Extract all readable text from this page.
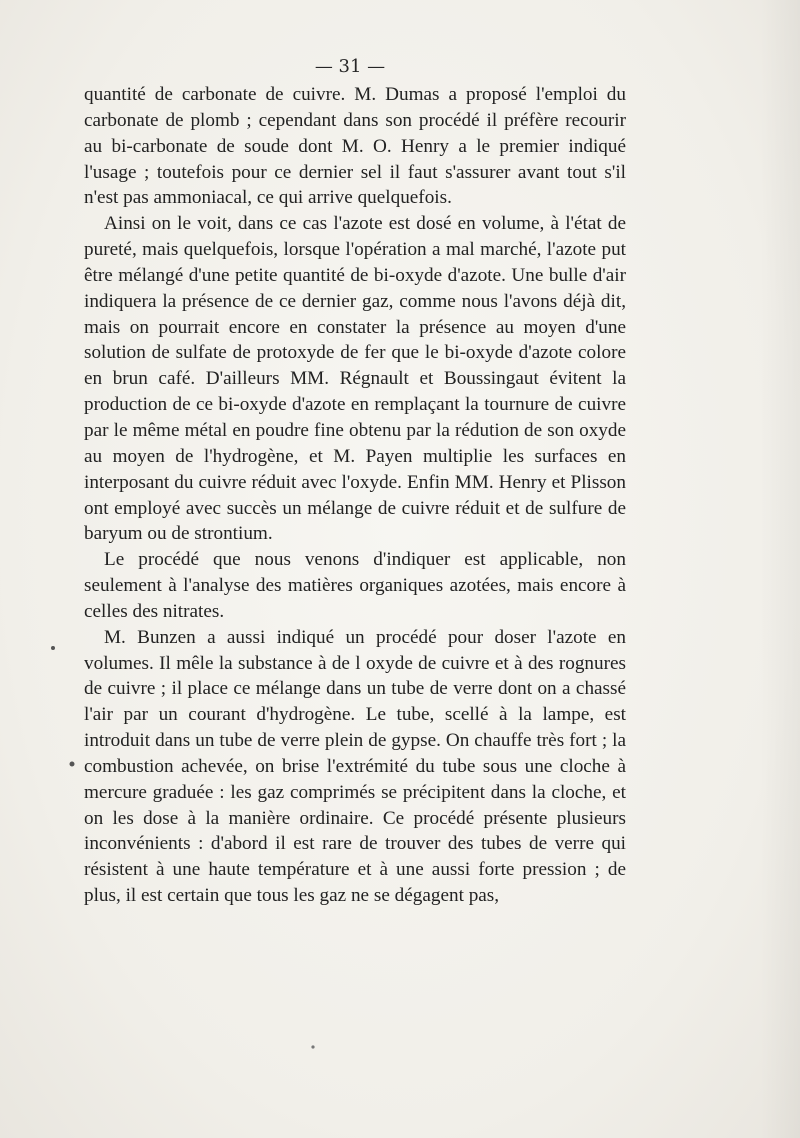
— 31 —

quantité de carbonate de cuivre. M. Dumas a proposé l'emploi du carbonate de plomb ; cependant dans son procédé il préfère recourir au bi-carbonate de soude dont M. O. Henry a le premier indiqué l'usage ; toutefois pour ce dernier sel il faut s'assurer avant tout s'il n'est pas ammoniacal, ce qui arrive quelquefois.

Ainsi on le voit, dans ce cas l'azote est dosé en volume, à l'état de pureté, mais quelquefois, lorsque l'opération a mal marché, l'azote put être mélangé d'une petite quantité de bi-oxyde d'azote. Une bulle d'air indiquera la présence de ce dernier gaz, comme nous l'avons déjà dit, mais on pourrait encore en constater la présence au moyen d'une solution de sulfate de protoxyde de fer que le bi-oxyde d'azote colore en brun café. D'ailleurs MM. Régnault et Boussingaut évitent la production de ce bi-oxyde d'azote en remplaçant la tournure de cuivre par le même métal en poudre fine obtenu par la rédution de son oxyde au moyen de l'hydrogène, et M. Payen multiplie les surfaces en interposant du cuivre réduit avec l'oxyde. Enfin MM. Henry et Plisson ont employé avec succès un mélange de cuivre réduit et de sulfure de baryum ou de strontium.

Le procédé que nous venons d'indiquer est applicable, non seulement à l'analyse des matières organiques azotées, mais encore à celles des nitrates.

M. Bunzen a aussi indiqué un procédé pour doser l'azote en volumes. Il mêle la substance à de l oxyde de cuivre et à des rognures de cuivre ; il place ce mélange dans un tube de verre dont on a chassé l'air par un courant d'hydrogène. Le tube, scellé à la lampe, est introduit dans un tube de verre plein de gypse. On chauffe très fort ; la combustion achevée, on brise l'extrémité du tube sous une cloche à mercure graduée : les gaz comprimés se précipitent dans la cloche, et on les dose à la manière ordinaire. Ce procédé présente plusieurs inconvénients : d'abord il est rare de trouver des tubes de verre qui résistent à une haute température et à une aussi forte pression ; de plus, il est certain que tous les gaz ne se dégagent pas,
